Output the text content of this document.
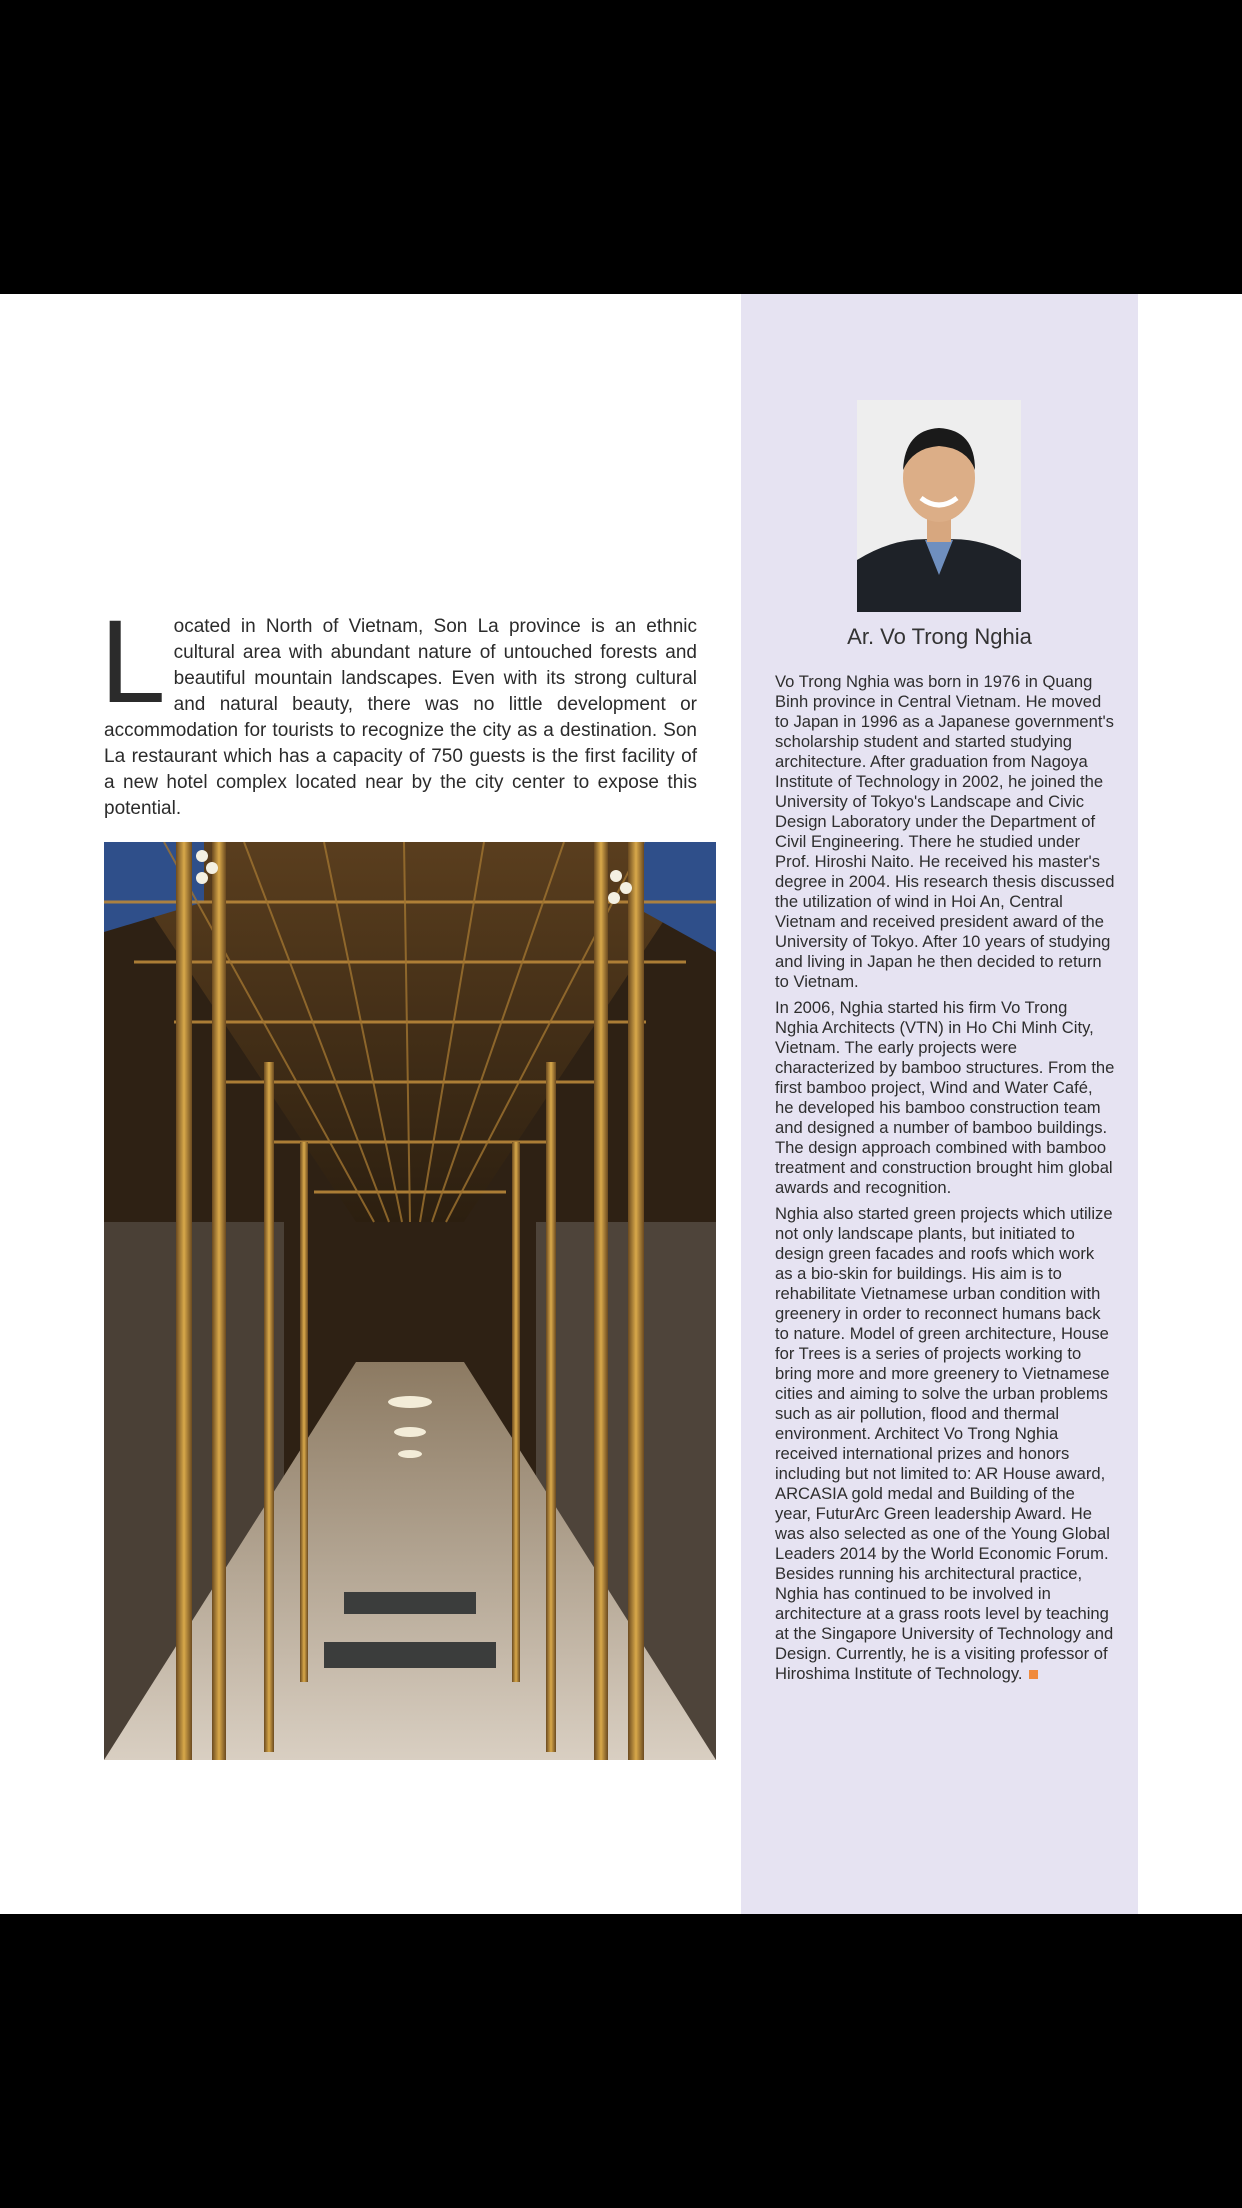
Located in North of Vietnam, Son La province is an ethnic cultural area with abundant nature of untouched forests and beautiful mountain landscapes. Even with its strong cultural and natural beauty, there was no little development or accommodation for tourists to recognize the city as a destination. Son La restaurant which has a capacity of 750 guests is the first facility of a new hotel complex located near by the city center to expose this potential.
Ar. Vo Trong Nghia

Vo Trong Nghia was born in 1976 in Quang Binh province in Central Vietnam. He moved to Japan in 1996 as a Japanese government's scholarship student and started studying architecture. After graduation from Nagoya Institute of Technology in 2002, he joined the University of Tokyo's Landscape and Civic Design Laboratory under the Department of Civil Engineering. There he studied under Prof. Hiroshi Naito. He received his master's degree in 2004. His research thesis discussed the utilization of wind in Hoi An, Central Vietnam and received president award of the University of Tokyo. After 10 years of studying and living in Japan he then decided to return to Vietnam.

In 2006, Nghia started his firm Vo Trong Nghia Architects (VTN) in Ho Chi Minh City, Vietnam. The early projects were characterized by bamboo structures. From the first bamboo project, Wind and Water Café, he developed his bamboo construction team and designed a number of bamboo buildings. The design approach combined with bamboo treatment and construction brought him global awards and recognition.

Nghia also started green projects which utilize not only landscape plants, but initiated to design green facades and roofs which work as a bio-skin for buildings. His aim is to rehabilitate Vietnamese urban condition with greenery in order to reconnect humans back to nature. Model of green architecture, House for Trees is a series of projects working to bring more and more greenery to Vietnamese cities and aiming to solve the urban problems such as air pollution, flood and thermal environment. Architect Vo Trong Nghia received international prizes and honors including but not limited to: AR House award, ARCASIA gold medal and Building of the year, FuturArc Green leadership Award. He was also selected as one of the Young Global Leaders 2014 by the World Economic Forum. Besides running his architectural practice, Nghia has continued to be involved in architecture at a grass roots level by teaching at the Singapore University of Technology and Design. Currently, he is a visiting professor of Hiroshima Institute of Technology.
